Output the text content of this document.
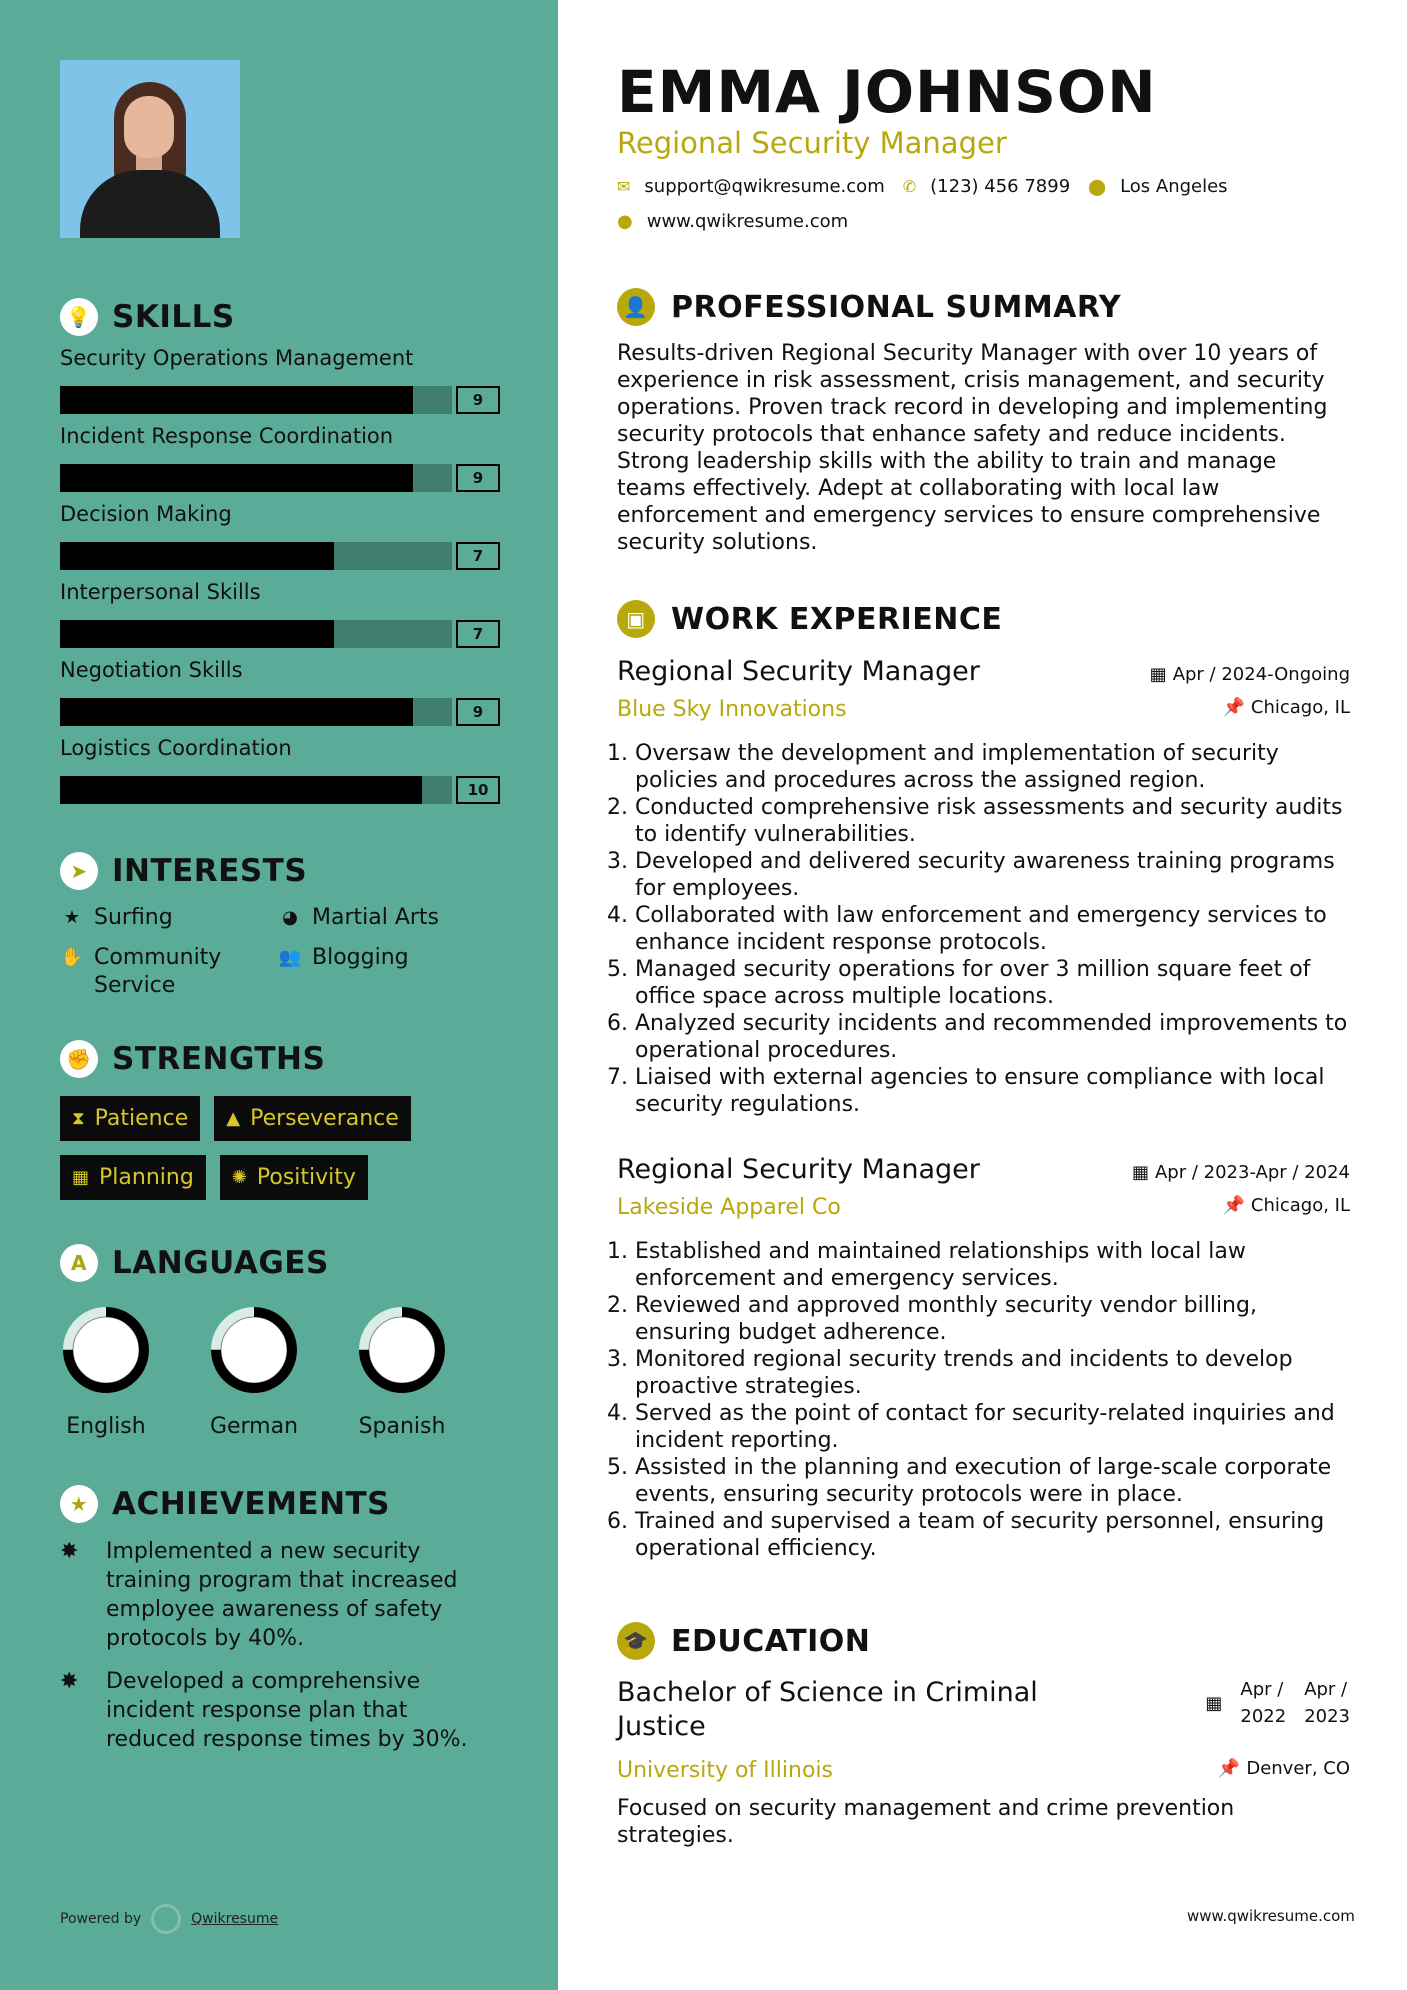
💡 SKILLS
Security Operations Management
9
Incident Response Coordination
9
Decision Making
7
Interpersonal Skills
7
Negotiation Skills
9
Logistics Coordination
10
➤ INTERESTS
★ Surfing	◕ Martial Arts
✋ Community Service
👥 Blogging
✊ STRENGTHS
⧗ Patience ▲ Perseverance
▦ Planning ✺ Positivity
A LANGUAGES
English	German	Spanish
★ ACHIEVEMENTS
✸	Implemented a new security training program that increased employee awareness of safety protocols by 40%.
✸	Developed a comprehensive incident response plan that reduced response times by 30%.
Powered by	Qwikresume
EMMA JOHNSON
Regional Security Manager
✉ support@qwikresume.com ✆ (123) 456 7899 ⬤ Los Angeles
● www.qwikresume.com
👤 PROFESSIONAL SUMMARY
Results-driven Regional Security Manager with over 10 years of experience in risk assessment, crisis management, and security operations. Proven track record in developing and implementing security protocols that enhance safety and reduce incidents. Strong leadership skills with the ability to train and manage teams effectively. Adept at collaborating with local law enforcement and emergency services to ensure comprehensive security solutions.
▣ WORK EXPERIENCE
Regional Security Manager	▦ Apr / 2024-Ongoing
Blue Sky Innovations	📌 Chicago, IL
1. Oversaw the development and implementation of security policies and procedures across the assigned region.
2. Conducted comprehensive risk assessments and security audits to identify vulnerabilities.
3. Developed and delivered security awareness training programs for employees.
4. Collaborated with law enforcement and emergency services to enhance incident response protocols.
5. Managed security operations for over 3 million square feet of office space across multiple locations.
6. Analyzed security incidents and recommended improvements to operational procedures.
7. Liaised with external agencies to ensure compliance with local security regulations.
Regional Security Manager	▦ Apr / 2023-Apr / 2024
Lakeside Apparel Co	📌 Chicago, IL
1. Established and maintained relationships with local law enforcement and emergency services.
2. Reviewed and approved monthly security vendor billing, ensuring budget adherence.
3. Monitored regional security trends and incidents to develop proactive strategies.
4. Served as the point of contact for security-related inquiries and incident reporting.
5. Assisted in the planning and execution of large-scale corporate events, ensuring security protocols were in place.
6. Trained and supervised a team of security personnel, ensuring operational efficiency.
🎓 EDUCATION
Bachelor of Science in Criminal Justice
▦
Apr /
2022
Apr /
2023
University of Illinois	📌 Denver, CO
Focused on security management and crime prevention strategies.
www.qwikresume.com
